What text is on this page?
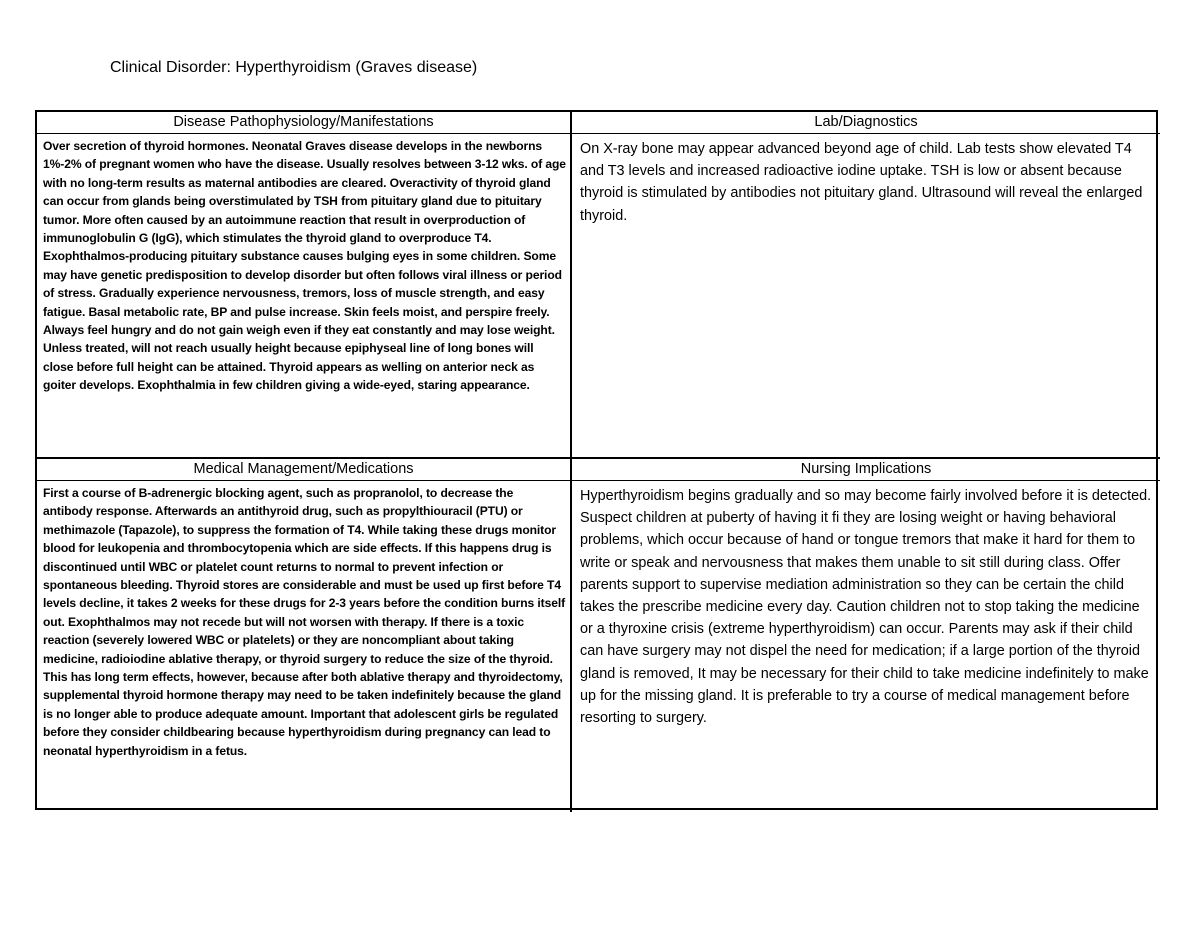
Clinical Disorder: Hyperthyroidism (Graves disease)
Disease Pathophysiology/Manifestations	Lab/Diagnostics
Over secretion of thyroid hormones. Neonatal Graves disease develops in the newborns 1%-2% of pregnant women who have the disease. Usually resolves between 3-12 wks. of age with no long-term results as maternal antibodies are cleared. Overactivity of thyroid gland can occur from glands being overstimulated by TSH from pituitary gland due to pituitary tumor. More often caused by an autoimmune reaction that result in overproduction of immunoglobulin G (IgG), which stimulates the thyroid gland to overproduce T4. Exophthalmos-producing pituitary substance causes bulging eyes in some children. Some may have genetic predisposition to develop disorder but often follows viral illness or period of stress. Gradually experience nervousness, tremors, loss of muscle strength, and easy fatigue. Basal metabolic rate, BP and pulse increase. Skin feels moist, and perspire freely. Always feel hungry and do not gain weigh even if they eat constantly and may lose weight. Unless treated, will not reach usually height because epiphyseal line of long bones will close before full height can be attained. Thyroid appears as welling on anterior neck as goiter develops. Exophthalmia in few children giving a wide-eyed, staring appearance.
On X-ray bone may appear advanced beyond age of child. Lab tests show elevated T4 and T3 levels and increased radioactive iodine uptake. TSH is low or absent because thyroid is stimulated by antibodies not pituitary gland. Ultrasound will reveal the enlarged thyroid.
Medical Management/Medications	Nursing Implications
First a course of B-adrenergic blocking agent, such as propranolol, to decrease the antibody response. Afterwards an antithyroid drug, such as propylthiouracil (PTU) or methimazole (Tapazole), to suppress the formation of T4. While taking these drugs monitor blood for leukopenia and thrombocytopenia which are side effects. If this happens drug is discontinued until WBC or platelet count returns to normal to prevent infection or spontaneous bleeding. Thyroid stores are considerable and must be used up first before T4 levels decline, it takes 2 weeks for these drugs for 2-3 years before the condition burns itself out. Exophthalmos may not recede but will not worsen with therapy. If there is a toxic reaction (severely lowered WBC or platelets) or they are noncompliant about taking medicine, radioiodine ablative therapy, or thyroid surgery to reduce the size of the thyroid. This has long term effects, however, because after both ablative therapy and thyroidectomy, supplemental thyroid hormone therapy may need to be taken indefinitely because the gland is no longer able to produce adequate amount. Important that adolescent girls be regulated before they consider childbearing because hyperthyroidism during pregnancy can lead to neonatal hyperthyroidism in a fetus.
Hyperthyroidism begins gradually and so may become fairly involved before it is detected. Suspect children at puberty of having it fi they are losing weight or having behavioral problems, which occur because of hand or tongue tremors that make it hard for them to write or speak and nervousness that makes them unable to sit still during class. Offer parents support to supervise mediation administration so they can be certain the child takes the prescribe medicine every day. Caution children not to stop taking the medicine or a thyroxine crisis (extreme hyperthyroidism) can occur. Parents may ask if their child can have surgery may not dispel the need for medication; if a large portion of the thyroid gland is removed, It may be necessary for their child to take medicine indefinitely to make up for the missing gland. It is preferable to try a course of medical management before resorting to surgery.
